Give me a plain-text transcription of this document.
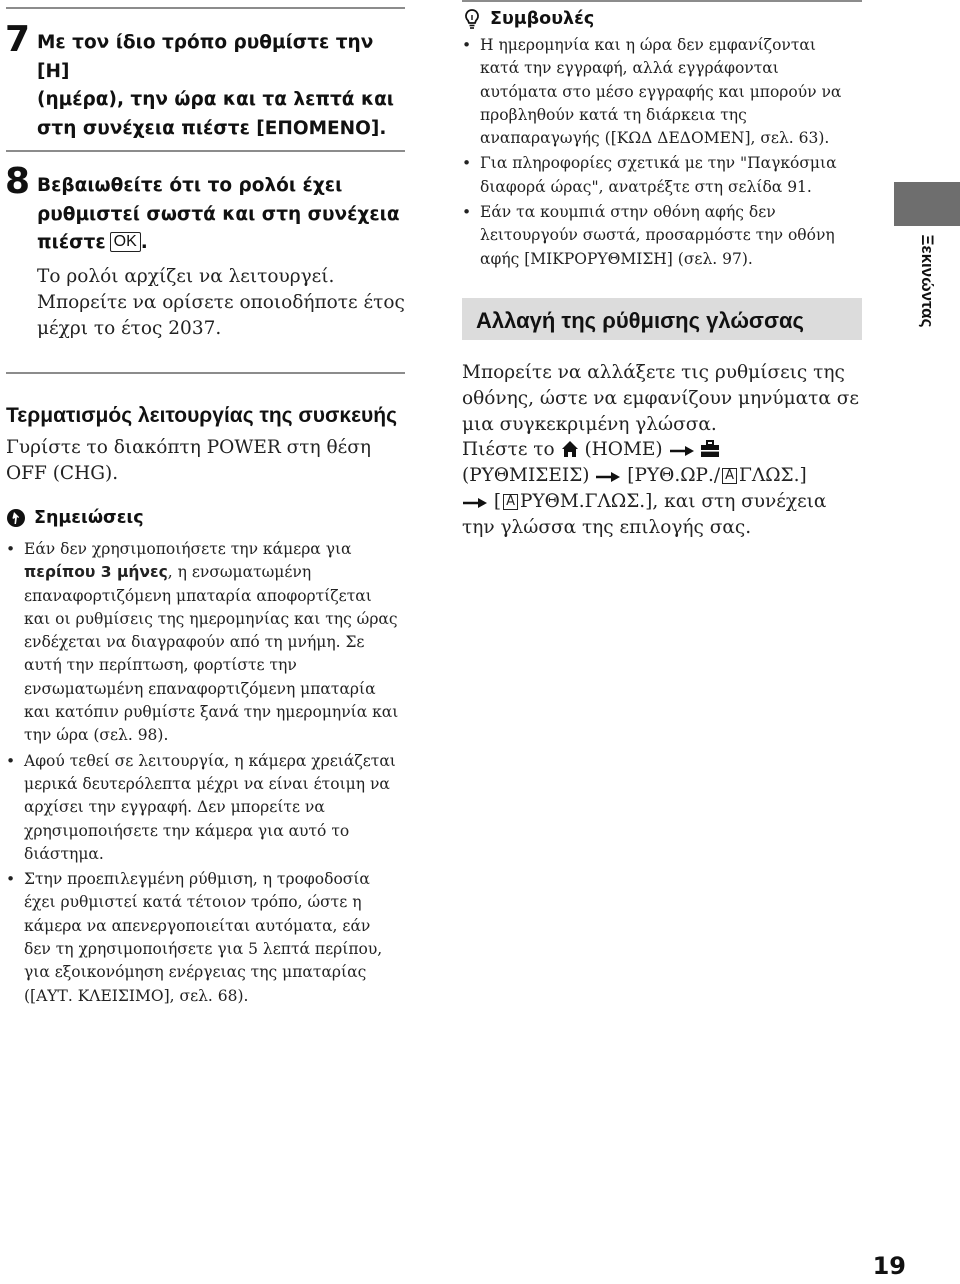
7 Με τον ίδιο τρόπο ρυθμίστε την [Η]
(ημέρα), την ώρα και τα λεπτά και
στη συνέχεια πιέστε [ΕΠΟΜΕΝΟ].
8 Βεβαιωθείτε ότι το ρολόι έχει
ρυθμιστεί σωστά και στη συνέχεια
πιέστε OK .
Το ρολόι αρχίζει να λειτουργεί.
Μπορείτε να ορίσετε οποιοδήποτε έτος
μέχρι το έτος 2037.
Τερματισμός λειτουργίας της συσκευής
Γυρίστε το διακόπτη POWER στη θέση
OFF (CHG).
Σημειώσεις
• Εάν δεν χρησιμοποιήσετε την κάμερα για περίπου 3 μήνες, η ενσωματωμένη επαναφορτιζόμενη μπαταρία αποφορτίζεται και οι ρυθμίσεις της ημερομηνίας και της ώρας ενδέχεται να διαγραφούν από τη μνήμη. Σε αυτή την περίπτωση, φορτίστε την ενσωματωμένη επαναφορτιζόμενη μπαταρία και κατόπιν ρυθμίστε ξανά την ημερομηνία και την ώρα (σελ. 98).
• Αφού τεθεί σε λειτουργία, η κάμερα χρειάζεται μερικά δευτερόλεπτα μέχρι να είναι έτοιμη να αρχίσει την εγγραφή. Δεν μπορείτε να χρησιμοποιήσετε την κάμερα για αυτό το διάστημα.
• Στην προεπιλεγμένη ρύθμιση, η τροφοδοσία έχει ρυθμιστεί κατά τέτοιον τρόπο, ώστε η κάμερα να απενεργοποιείται αυτόματα, εάν δεν τη χρησιμοποιήσετε για 5 λεπτά περίπου, για εξοικονόμηση ενέργειας της μπαταρίας ([ΑΥΤ. ΚΛΕΙΣΙΜΟ], σελ. 68).
Συμβουλές
• Η ημερομηνία και η ώρα δεν εμφανίζονται κατά την εγγραφή, αλλά εγγράφονται αυτόματα στο μέσο εγγραφής και μπορούν να προβληθούν κατά τη διάρκεια της αναπαραγωγής ([ΚΩΔ ΔΕΔΟΜΕΝ], σελ. 63).
• Για πληροφορίες σχετικά με την "Παγκόσμια διαφορά ώρας", ανατρέξτε στη σελίδα 91.
• Εάν τα κουμπιά στην οθόνη αφής δεν λειτουργούν σωστά, προσαρμόστε την οθόνη αφής [ΜΙΚΡΟΡΥΘΜΙΣΗ] (σελ. 97).
Αλλαγή της ρύθμισης γλώσσας
Μπορείτε να αλλάξετε τις ρυθμίσεις της οθόνης, ώστε να εμφανίζουν μηνύματα σε μια συγκεκριμένη γλώσσα.
Πιέστε το (HOME)
(ΡΥΘΜΙΣΕΙΣ) [ΡΥΘ.ΩΡ./ A ΓΛΩΣ.]
[ A ΡΥΘΜ.ΓΛΩΣ.], και στη συνέχεια
την γλώσσα της επιλογής σας.
Ξεκινώντας
19
